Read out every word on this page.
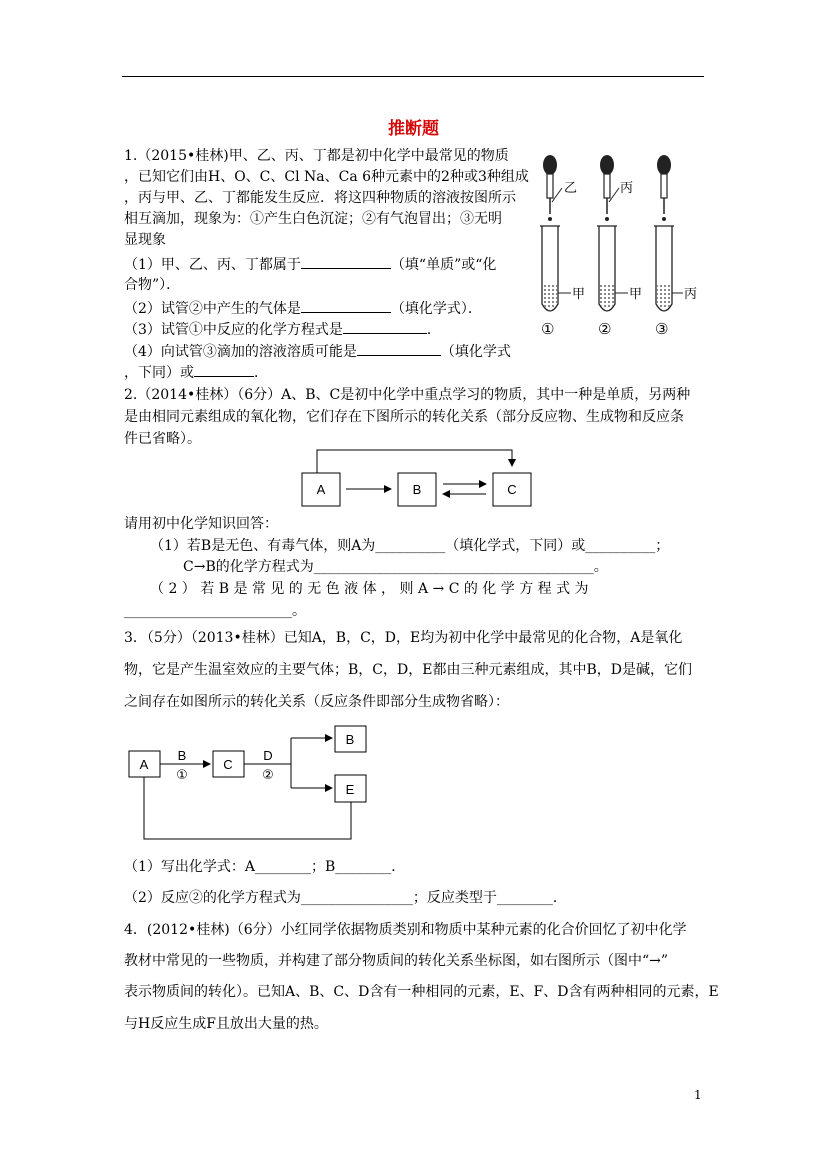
推断题
1.（2015•桂林)甲、乙、丙、丁都是初中化学中最常见的物质
，已知它们由H、O、C、Cl Na、Ca 6种元素中的2种或3种组成
，丙与甲、乙、丁都能发生反应．将这四种物质的溶液按图所示
相互滴加，现象为：①产生白色沉淀；②有气泡冒出；③无明
显现象
（1）甲、乙、丙、丁都属于	（填“单质”或“化
合物”）．
（2）试管②中产生的气体是	（填化学式）．
（3）试管①中反应的化学方程式是	．
（4）向试管③滴加的溶液溶质可能是	（填化学式
，下同）或	．
乙
甲
①
丙
甲
②
丙
③
2.（2014•桂林）（6分）A、B、C是初中化学中重点学习的物质，其中一种是单质，另两种
是由相同元素组成的氧化物，它们存在下图所示的转化关系（部分反应物、生成物和反应条
件已省略）。
A	B	C
请用初中化学知识回答：
（1）若B是无色、有毒气体，则A为__________（填化学式，下同）或__________；
C→B的化学方程式为________________________________________。
（ 2 ） 若 B 是 常 见 的 无 色 液 体 ， 则 A → C 的 化 学 方 程 式 为
________________________。
3．（5分）（2013•桂林）已知A，B，C，D，E均为初中化学中最常见的化合物，A是氧化
物，它是产生温室效应的主要气体；B，C，D，E都由三种元素组成，其中B，D是碱，它们
之间存在如图所示的转化关系（反应条件即部分生成物省略）：
A	C
B
E
B
①
D
②
（1）写出化学式：A________；B________．
（2）反应②的化学方程式为________________；反应类型于________．
4．(2012•桂林)（6分）小红同学依据物质类别和物质中某种元素的化合价回忆了初中化学
教材中常见的一些物质，并构建了部分物质间的转化关系坐标图，如右图所示（图中“→”
表示物质间的转化）。已知A、B、C、D含有一种相同的元素，E、F、D含有两种相同的元素，E
与H反应生成F且放出大量的热。
1
